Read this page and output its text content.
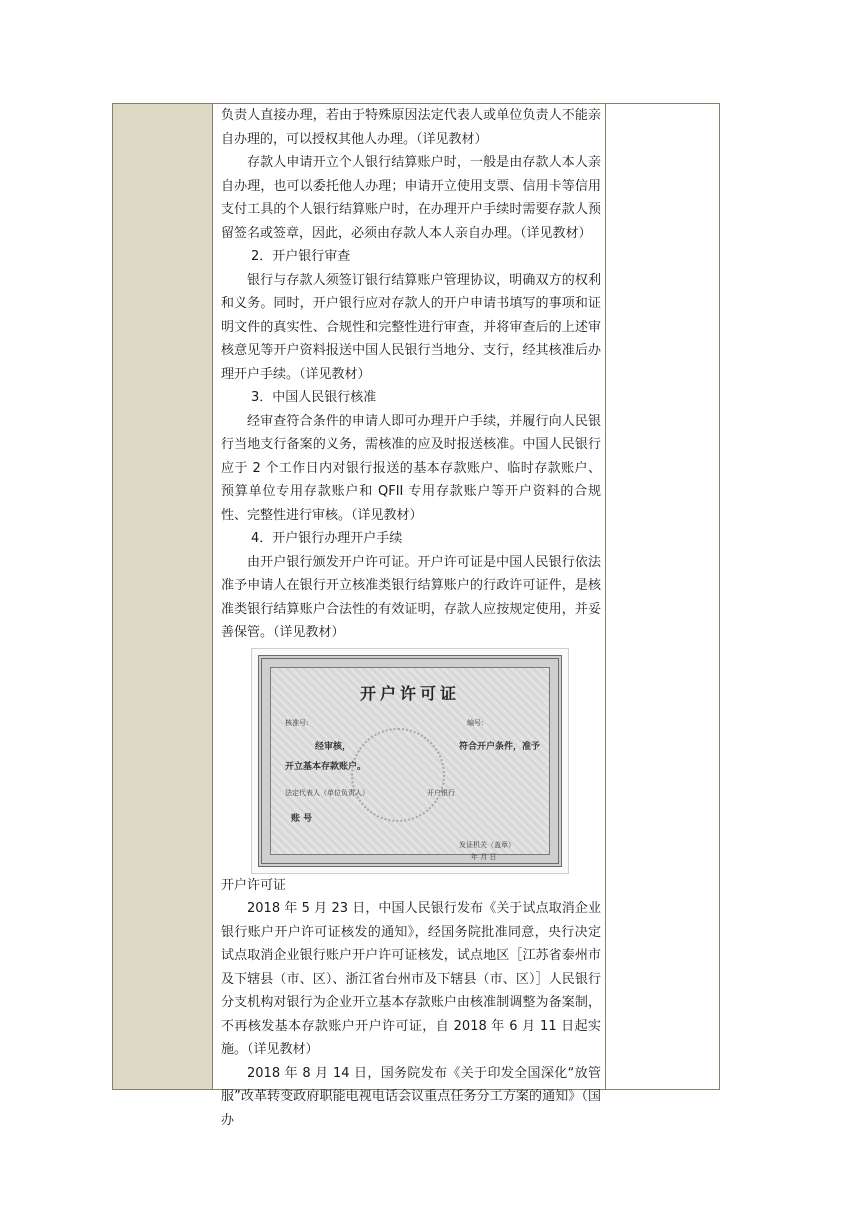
负责人直接办理，若由于特殊原因法定代表人或单位负责人不能亲自办理的，可以授权其他人办理。（详见教材）

存款人申请开立个人银行结算账户时，一般是由存款人本人亲自办理，也可以委托他人办理；申请开立使用支票、信用卡等信用支付工具的个人银行结算账户时，在办理开户手续时需要存款人预留签名或签章，因此，必须由存款人本人亲自办理。（详见教材）

2．开户银行审查

银行与存款人须签订银行结算账户管理协议，明确双方的权利和义务。同时，开户银行应对存款人的开户申请书填写的事项和证明文件的真实性、合规性和完整性进行审查，并将审查后的上述审核意见等开户资料报送中国人民银行当地分、支行，经其核准后办理开户手续。（详见教材）

3．中国人民银行核准

经审查符合条件的申请人即可办理开户手续，并履行向人民银行当地支行备案的义务，需核准的应及时报送核准。中国人民银行应于 2 个工作日内对银行报送的基本存款账户、临时存款账户、预算单位专用存款账户和 QFII 专用存款账户等开户资料的合规性、完整性进行审核。（详见教材）

4．开户银行办理开户手续

由开户银行颁发开户许可证。开户许可证是中国人民银行依法准予申请人在银行开立核准类银行结算账户的行政许可证件，是核准类银行结算账户合法性的有效证明，存款人应按规定使用，并妥善保管。（详见教材）

开户许可证
核准号:	编号:
经审核，	符合开户条件，准予
开立基本存款账户。
法定代表人（单位负责人）	开户银行
账 号
发证机关（盖章）
年 月 日

开户许可证

2018 年 5 月 23 日，中国人民银行发布《关于试点取消企业银行账户开户许可证核发的通知》，经国务院批准同意，央行决定试点取消企业银行账户开户许可证核发，试点地区［江苏省泰州市及下辖县（市、区）、浙江省台州市及下辖县（市、区）］人民银行分支机构对银行为企业开立基本存款账户由核准制调整为备案制，不再核发基本存款账户开户许可证，自 2018 年 6 月 11 日起实施。（详见教材）

2018 年 8 月 14 日，国务院发布《关于印发全国深化“放管服”改革转变政府职能电视电话会议重点任务分工方案的通知》（国办
